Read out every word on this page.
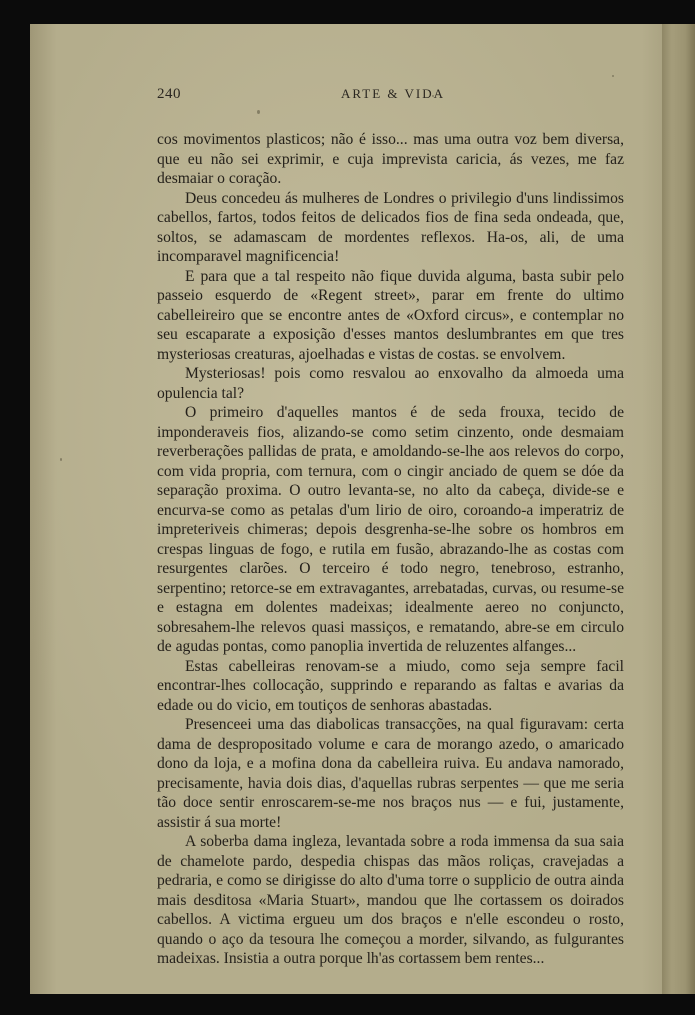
240	ARTE & VIDA

cos movimentos plasticos; não é isso... mas uma outra voz bem diversa, que eu não sei exprimir, e cuja imprevista caricia, ás vezes, me faz desmaiar o coração.

Deus concedeu ás mulheres de Londres o privilegio d'uns lindissimos cabellos, fartos, todos feitos de delicados fios de fina seda ondeada, que, soltos, se adamascam de mordentes reflexos. Ha-os, ali, de uma incomparavel magnificencia!

E para que a tal respeito não fique duvida alguma, basta subir pelo passeio esquerdo de «Regent street», parar em frente do ultimo cabelleireiro que se encontre antes de «Oxford circus», e contemplar no seu escaparate a exposição d'esses mantos deslumbrantes em que tres mysteriosas creaturas, ajoelhadas e vistas de costas. se envolvem.

Mysteriosas! pois como resvalou ao enxovalho da almoeda uma opulencia tal?

O primeiro d'aquelles mantos é de seda frouxa, tecido de imponderaveis fios, alizando-se como setim cinzento, onde desmaiam reverberações pallidas de prata, e amoldando-se-lhe aos relevos do corpo, com vida propria, com ternura, com o cingir anciado de quem se dóe da separação proxima. O outro levanta-se, no alto da cabeça, divide-se e encurva-se como as petalas d'um lirio de oiro, coroando-a imperatriz de impreteriveis chimeras; depois desgrenha-se-lhe sobre os hombros em crespas linguas de fogo, e rutila em fusão, abrazando-lhe as costas com resurgentes clarões. O terceiro é todo negro, tenebroso, estranho, serpentino; retorce-se em extravagantes, arrebatadas, curvas, ou resume-se e estagna em dolentes madeixas; idealmente aereo no conjuncto, sobresahem-lhe relevos quasi massiços, e rematando, abre-se em circulo de agudas pontas, como panoplia invertida de reluzentes alfanges...

Estas cabelleiras renovam-se a miudo, como seja sempre facil encontrar-lhes collocação, supprindo e reparando as faltas e avarias da edade ou do vicio, em toutiços de senhoras abastadas.

Presenceei uma das diabolicas transacções, na qual figuravam: certa dama de despropositado volume e cara de morango azedo, o amaricado dono da loja, e a mofina dona da cabelleira ruiva. Eu andava namorado, precisamente, havia dois dias, d'aquellas rubras serpentes — que me seria tão doce sentir enroscarem-se-me nos braços nus — e fui, justamente, assistir á sua morte!

A soberba dama ingleza, levantada sobre a roda immensa da sua saia de chamelote pardo, despedia chispas das mãos roliças, cravejadas a pedraria, e como se dirigisse do alto d'uma torre o supplicio de outra ainda mais desditosa «Maria Stuart», mandou que lhe cortassem os doirados cabellos. A victima ergueu um dos braços e n'elle escondeu o rosto, quando o aço da tesoura lhe começou a morder, silvando, as fulgurantes madeixas. Insistia a outra porque lh'as cortassem bem rentes...
